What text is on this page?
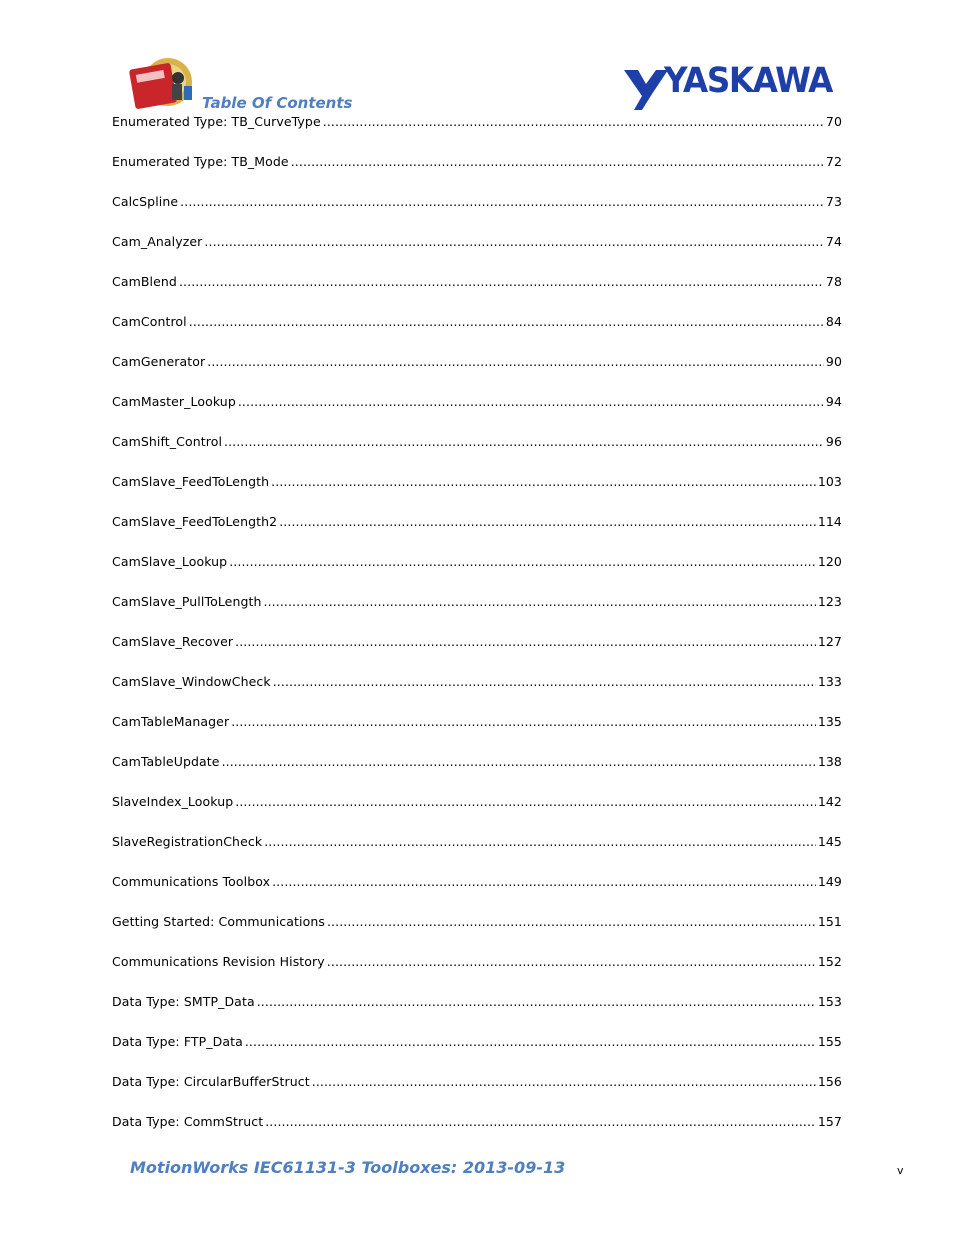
Table Of Contents
YASKAWA
Enumerated Type: TB_CurveType .....	70
Enumerated Type: TB_Mode .....	72
CalcSpline .....	73
Cam_Analyzer .....	74
CamBlend .....	78
CamControl .....	84
CamGenerator .....	90
CamMaster_Lookup .....	94
CamShift_Control .....	96
CamSlave_FeedToLength .....	103
CamSlave_FeedToLength2 .....	114
CamSlave_Lookup .....	120
CamSlave_PullToLength .....	123
CamSlave_Recover .....	127
CamSlave_WindowCheck .....	133
CamTableManager .....	135
CamTableUpdate .....	138
SlaveIndex_Lookup .....	142
SlaveRegistrationCheck .....	145
Communications Toolbox .....	149
Getting Started: Communications .....	151
Communications Revision History .....	152
Data Type: SMTP_Data .....	153
Data Type: FTP_Data .....	155
Data Type: CircularBufferStruct .....	156
Data Type: CommStruct .....	157
MotionWorks IEC61131-3 Toolboxes: 2013-09-13	v
